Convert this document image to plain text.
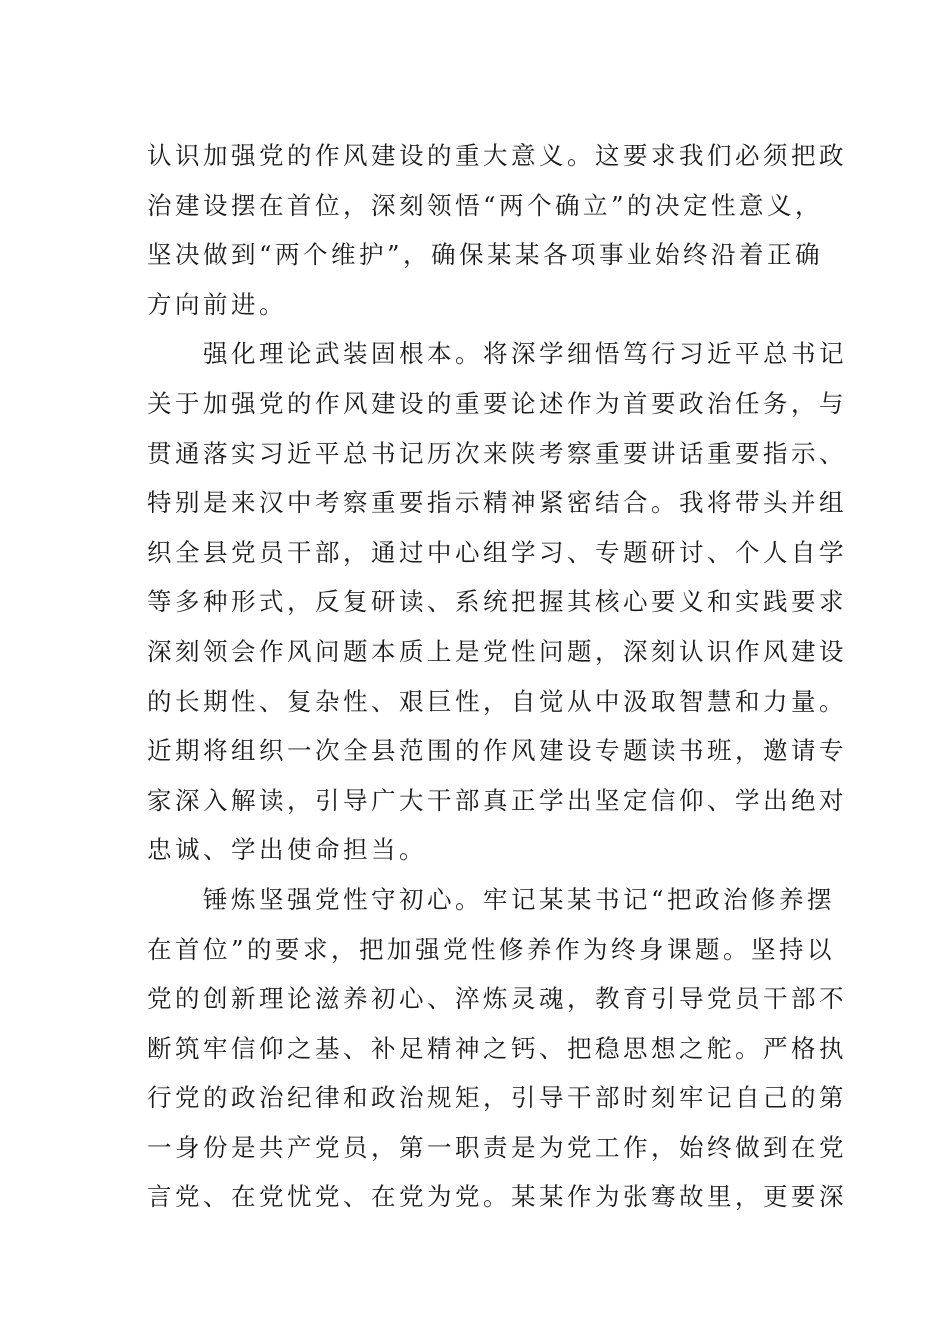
认识加强党的作风建设的重大意义。这要求我们必须把政
治建设摆在首位，深刻领悟“两个确立”的决定性意义，
坚决做到“两个维护”，确保某某各项事业始终沿着正确
方向前进。
强化理论武装固根本。将深学细悟笃行习近平总书记
关于加强党的作风建设的重要论述作为首要政治任务，与
贯通落实习近平总书记历次来陕考察重要讲话重要指示、
特别是来汉中考察重要指示精神紧密结合。我将带头并组
织全县党员干部，通过中心组学习、专题研讨、个人自学
等多种形式，反复研读、系统把握其核心要义和实践要求
深刻领会作风问题本质上是党性问题，深刻认识作风建设
的长期性、复杂性、艰巨性，自觉从中汲取智慧和力量。
近期将组织一次全县范围的作风建设专题读书班，邀请专
家深入解读，引导广大干部真正学出坚定信仰、学出绝对
忠诚、学出使命担当。
锤炼坚强党性守初心。牢记某某书记“把政治修养摆
在首位”的要求，把加强党性修养作为终身课题。坚持以
党的创新理论滋养初心、淬炼灵魂，教育引导党员干部不
断筑牢信仰之基、补足精神之钙、把稳思想之舵。严格执
行党的政治纪律和政治规矩，引导干部时刻牢记自己的第
一身份是共产党员，第一职责是为党工作，始终做到在党
言党、在党忧党、在党为党。某某作为张骞故里，更要深
